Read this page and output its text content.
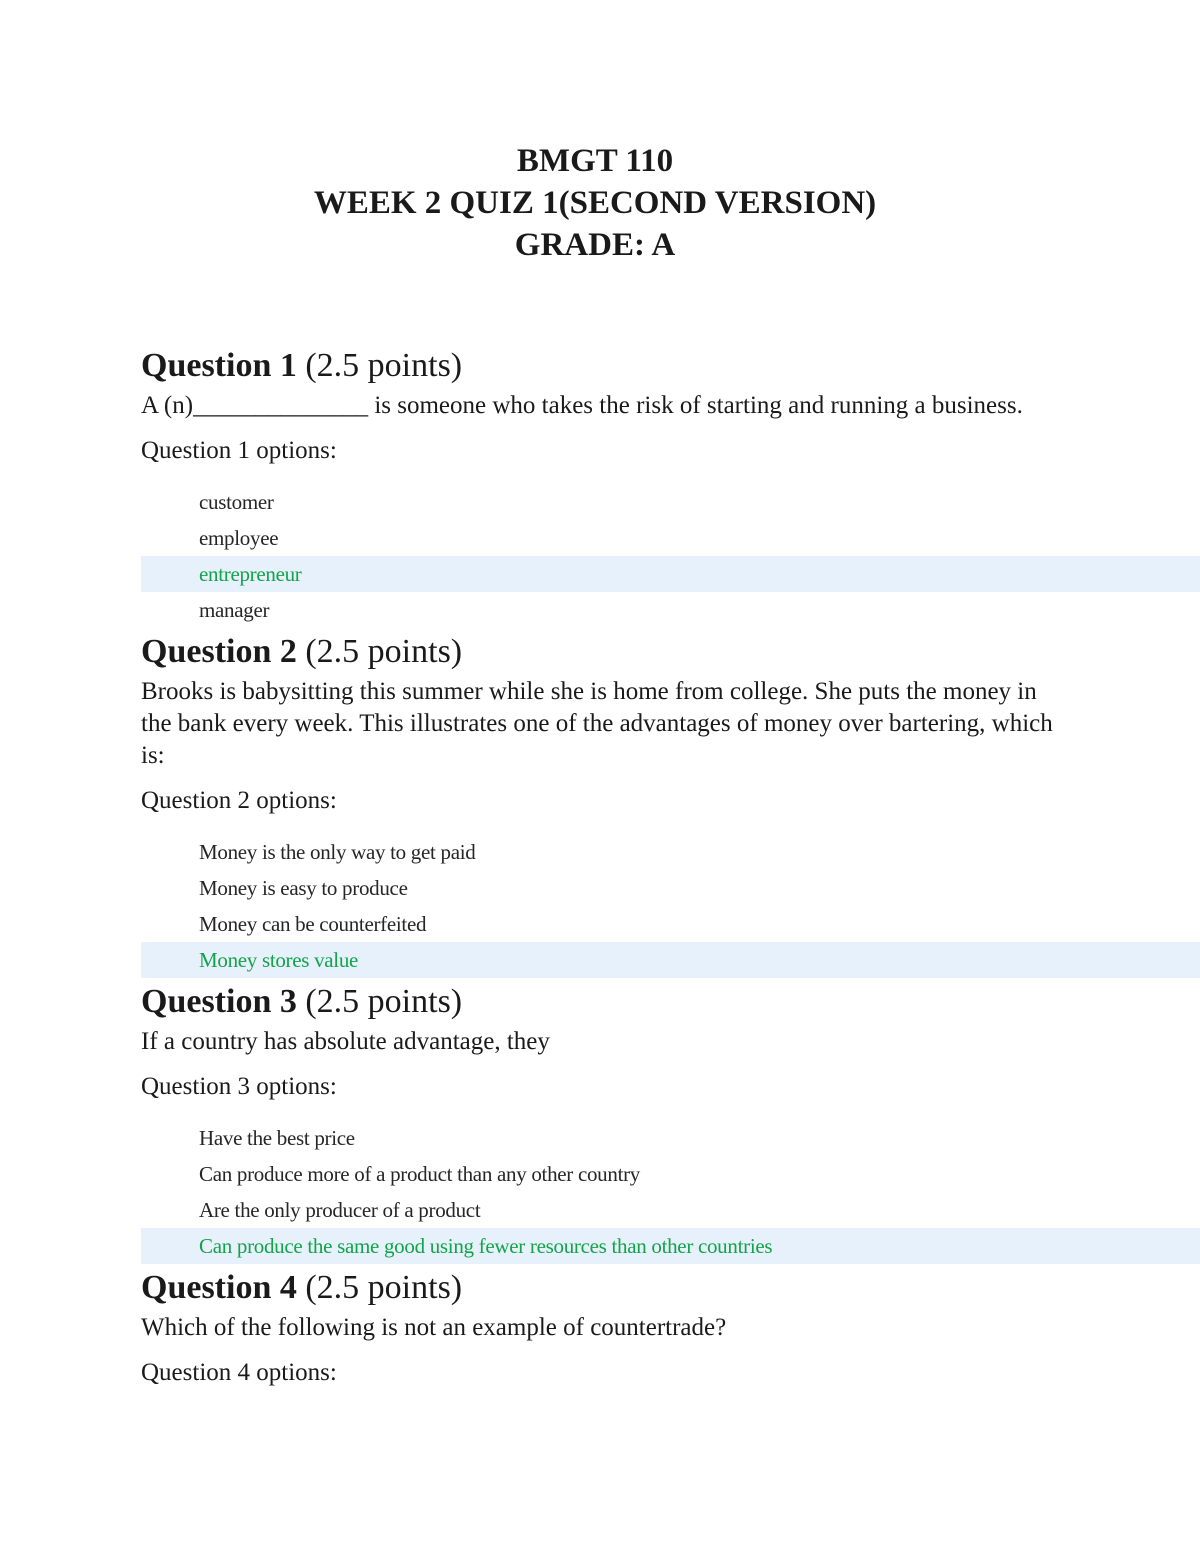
BMGT 110
WEEK 2 QUIZ 1(SECOND VERSION)
GRADE: A

Question 1 (2.5 points)

A (n)______________ is someone who takes the risk of starting and running a business.

Question 1 options:

customer
employee
entrepreneur
manager

Question 2 (2.5 points)

Brooks is babysitting this summer while she is home from college. She puts the money in the bank every week. This illustrates one of the advantages of money over bartering, which is:

Question 2 options:

Money is the only way to get paid
Money is easy to produce
Money can be counterfeited
Money stores value

Question 3 (2.5 points)

If a country has absolute advantage, they

Question 3 options:

Have the best price
Can produce more of a product than any other country
Are the only producer of a product
Can produce the same good using fewer resources than other countries

Question 4 (2.5 points)

Which of the following is not an example of countertrade?

Question 4 options:
